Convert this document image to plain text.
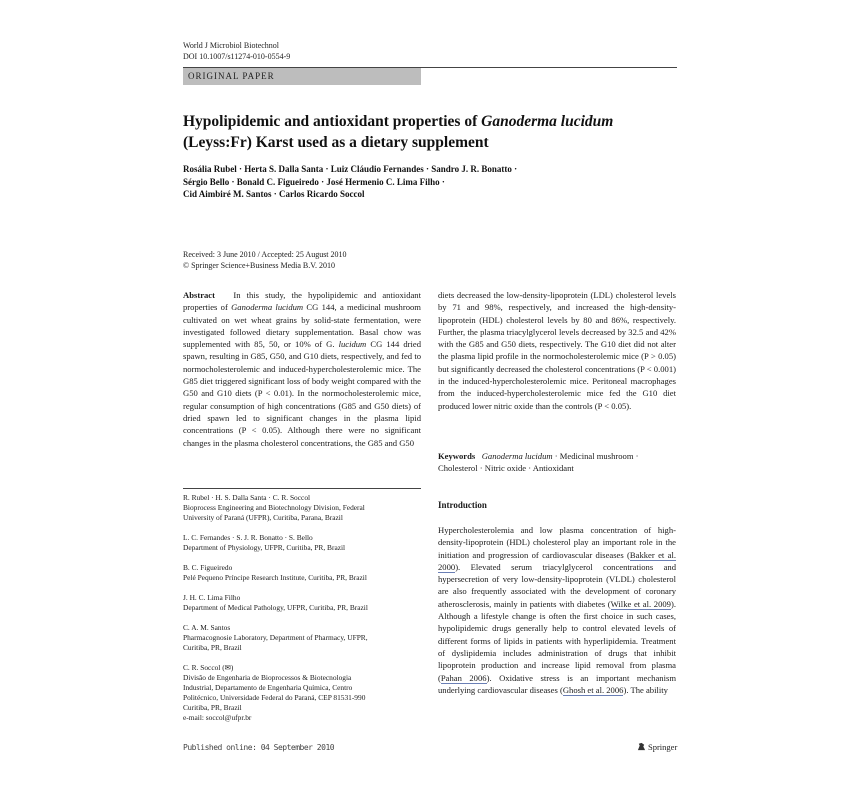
World J Microbiol Biotechnol
DOI 10.1007/s11274-010-0554-9
ORIGINAL PAPER
Hypolipidemic and antioxidant properties of Ganoderma lucidum (Leyss:Fr) Karst used as a dietary supplement
Rosália Rubel · Herta S. Dalla Santa · Luiz Cláudio Fernandes · Sandro J. R. Bonatto ·
Sérgio Bello · Bonald C. Figueiredo · José Hermenio C. Lima Filho ·
Cid Aimbiré M. Santos · Carlos Ricardo Soccol
Received: 3 June 2010 / Accepted: 25 August 2010
© Springer Science+Business Media B.V. 2010

Abstract In this study, the hypolipidemic and antioxidant properties of Ganoderma lucidum CG 144, a medicinal mushroom cultivated on wet wheat grains by solid-state fermentation, were investigated followed dietary supplementation. Basal chow was supplemented with 85, 50, or 10% of G. lucidum CG 144 dried spawn, resulting in G85, G50, and G10 diets, respectively, and fed to normocholesterolemic and induced-hypercholesterolemic mice. The G85 diet triggered significant loss of body weight compared with the G50 and G10 diets (P < 0.01). In the normocholesterolemic mice, regular consumption of high concentrations (G85 and G50 diets) of dried spawn led to significant changes in the plasma lipid concentrations (P < 0.05). Although there were no significant changes in the plasma cholesterol concentrations, the G85 and G50

diets decreased the low-density-lipoprotein (LDL) cholesterol levels by 71 and 98%, respectively, and increased the high-density-lipoprotein (HDL) cholesterol levels by 80 and 86%, respectively. Further, the plasma triacylglycerol levels decreased by 32.5 and 42% with the G85 and G50 diets, respectively. The G10 diet did not alter the plasma lipid profile in the normocholesterolemic mice (P > 0.05) but significantly decreased the cholesterol concentrations (P < 0.001) in the induced-hypercholesterolemic mice. Peritoneal macrophages from the induced-hypercholesterolemic mice fed the G10 diet produced lower nitric oxide than the controls (P < 0.05).

Keywords Ganoderma lucidum · Medicinal mushroom · Cholesterol · Nitric oxide · Antioxidant
R. Rubel · H. S. Dalla Santa · C. R. Soccol
Bioprocess Engineering and Biotechnology Division, Federal
University of Paraná (UFPR), Curitiba, Parana, Brazil
L. C. Fernandes · S. J. R. Bonatto · S. Bello
Department of Physiology, UFPR, Curitiba, PR, Brazil
B. C. Figueiredo
Pelé Pequeno Príncipe Research Institute, Curitiba, PR, Brazil
J. H. C. Lima Filho
Department of Medical Pathology, UFPR, Curitiba, PR, Brazil
C. A. M. Santos
Pharmacognosie Laboratory, Department of Pharmacy, UFPR,
Curitiba, PR, Brazil
C. R. Soccol (✉)
Divisão de Engenharia de Bioprocessos & Biotecnologia
Industrial, Departamento de Engenharia Química, Centro
Politécnico, Universidade Federal do Paraná, CEP 81531-990
Curitiba, PR, Brazil
e-mail: soccol@ufpr.br
Introduction
Hypercholesterolemia and low plasma concentration of high-density-lipoprotein (HDL) cholesterol play an important role in the initiation and progression of cardiovascular diseases (Bakker et al. 2000). Elevated serum triacylglycerol concentrations and hypersecretion of very low-density-lipoprotein (VLDL) cholesterol are also frequently associated with the development of coronary atherosclerosis, mainly in patients with diabetes (Wilke et al. 2009). Although a lifestyle change is often the first choice in such cases, hypolipidemic drugs generally help to control elevated levels of different forms of lipids in patients with hyperlipidemia. Treatment of dyslipidemia includes administration of drugs that inhibit lipoprotein production and increase lipid removal from plasma (Pahan 2006). Oxidative stress is an important mechanism underlying cardiovascular diseases (Ghosh et al. 2006). The ability
Published online: 04 September 2010	Springer
